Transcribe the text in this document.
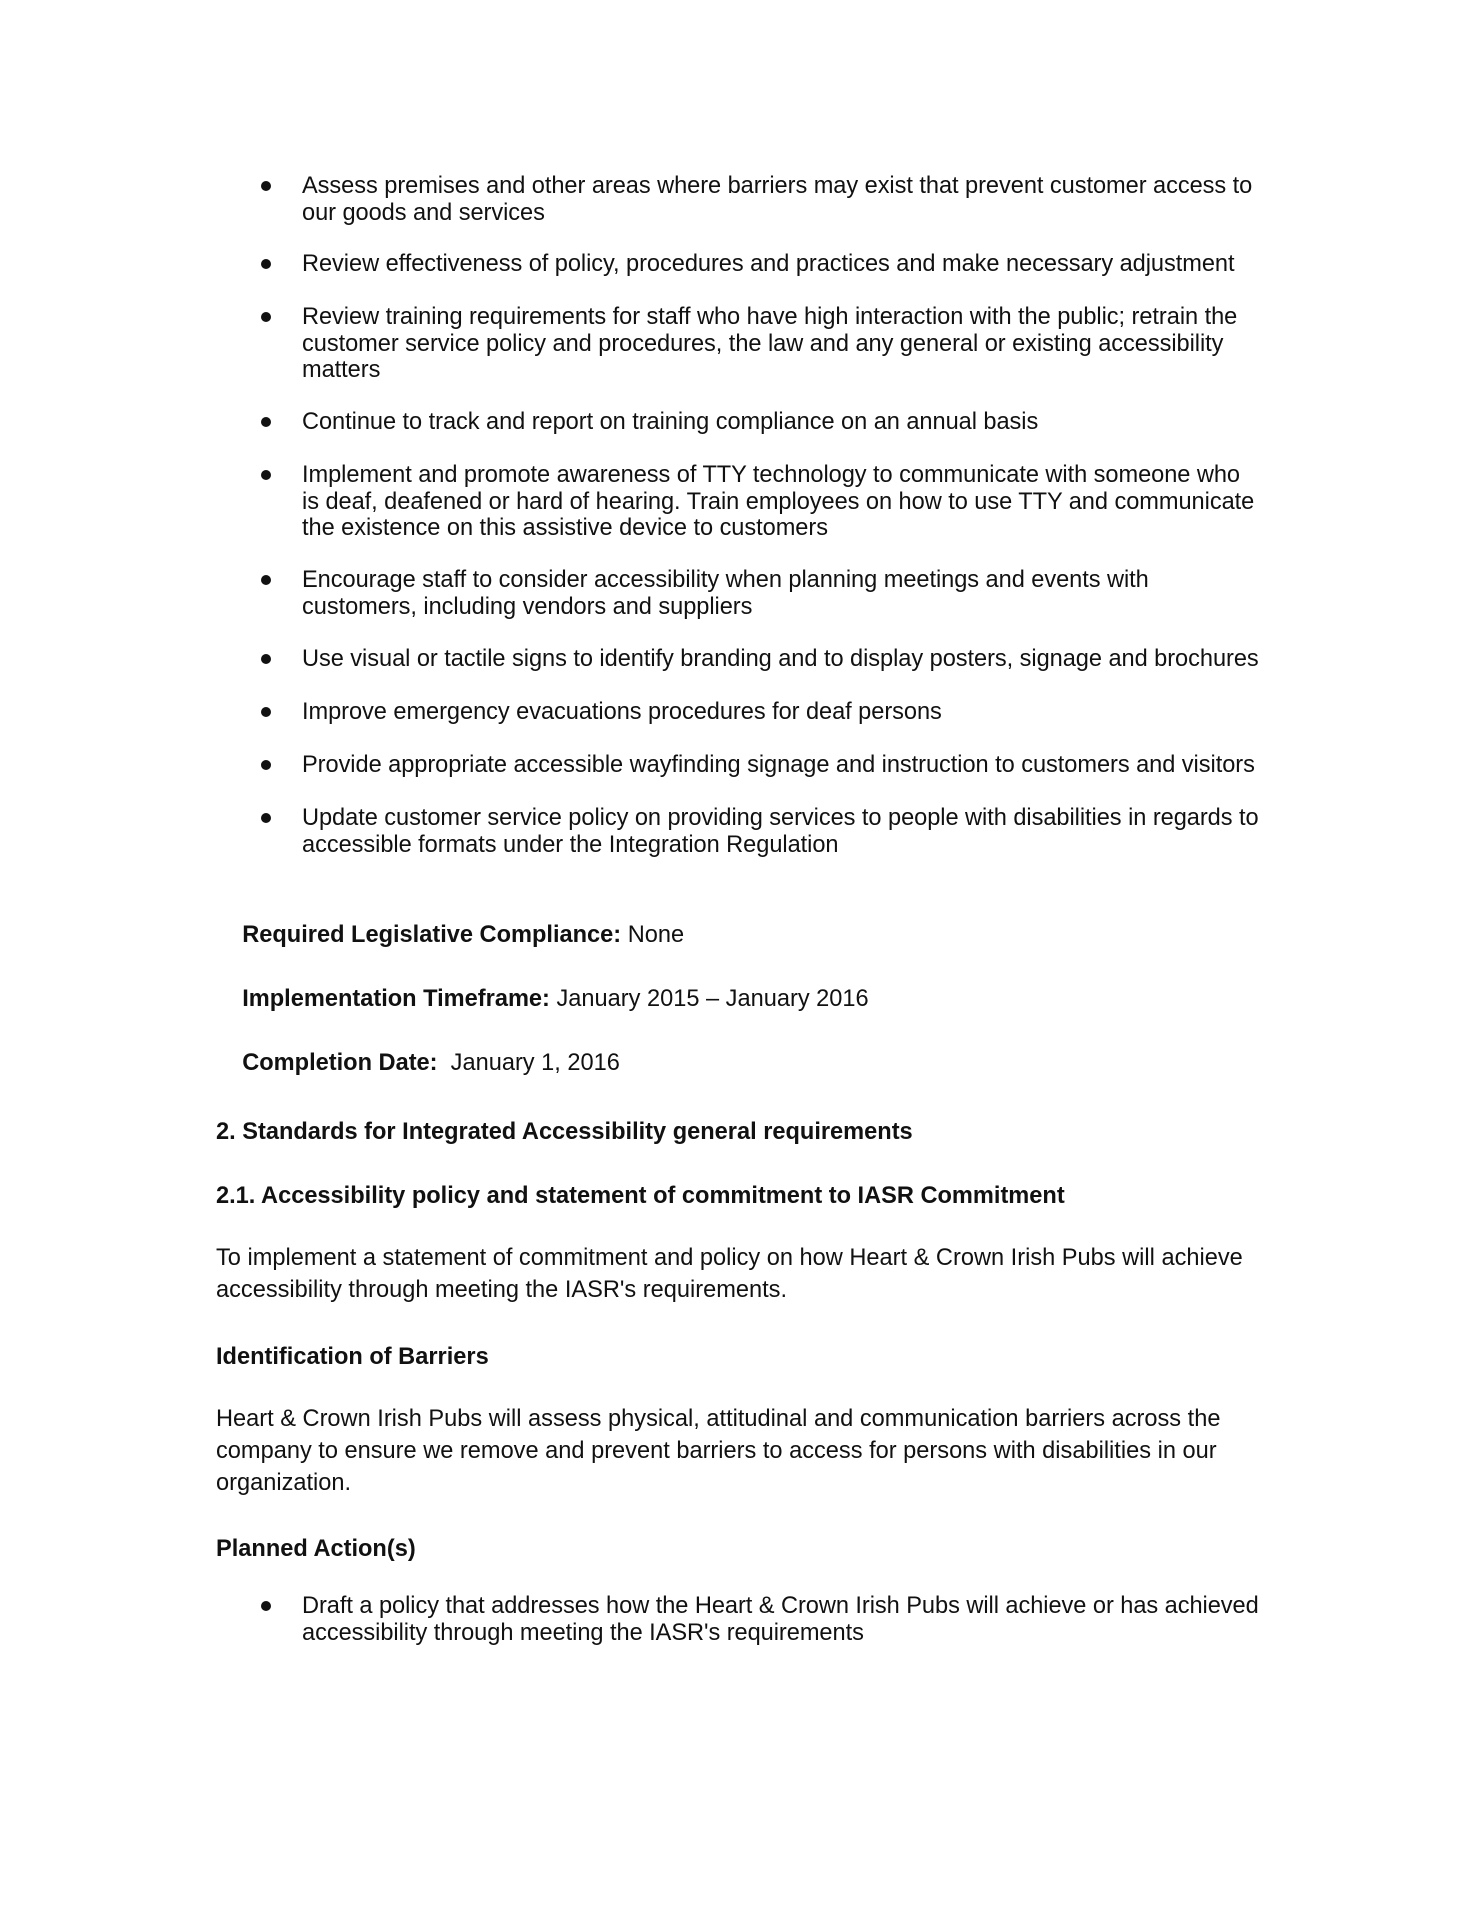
Assess premises and other areas where barriers may exist that prevent customer access to
our goods and services
Review effectiveness of policy, procedures and practices and make necessary adjustment
Review training requirements for staff who have high interaction with the public; retrain the
customer service policy and procedures, the law and any general or existing accessibility
matters
Continue to track and report on training compliance on an annual basis
Implement and promote awareness of TTY technology to communicate with someone who
is deaf, deafened or hard of hearing. Train employees on how to use TTY and communicate
the existence on this assistive device to customers
Encourage staff to consider accessibility when planning meetings and events with
customers, including vendors and suppliers
Use visual or tactile signs to identify branding and to display posters, signage and brochures
Improve emergency evacuations procedures for deaf persons
Provide appropriate accessible wayfinding signage and instruction to customers and visitors
Update customer service policy on providing services to people with disabilities in regards to
accessible formats under the Integration Regulation

Required Legislative Compliance: None

Implementation Timeframe: January 2015 – January 2016

Completion Date:  January 1, 2016

2. Standards for Integrated Accessibility general requirements
2.1. Accessibility policy and statement of commitment to IASR Commitment
To implement a statement of commitment and policy on how Heart & Crown Irish Pubs will achieve
accessibility through meeting the IASR's requirements.
Identification of Barriers
Heart & Crown Irish Pubs will assess physical, attitudinal and communication barriers across the
company to ensure we remove and prevent barriers to access for persons with disabilities in our
organization.
Planned Action(s)
Draft a policy that addresses how the Heart & Crown Irish Pubs will achieve or has achieved
accessibility through meeting the IASR's requirements
